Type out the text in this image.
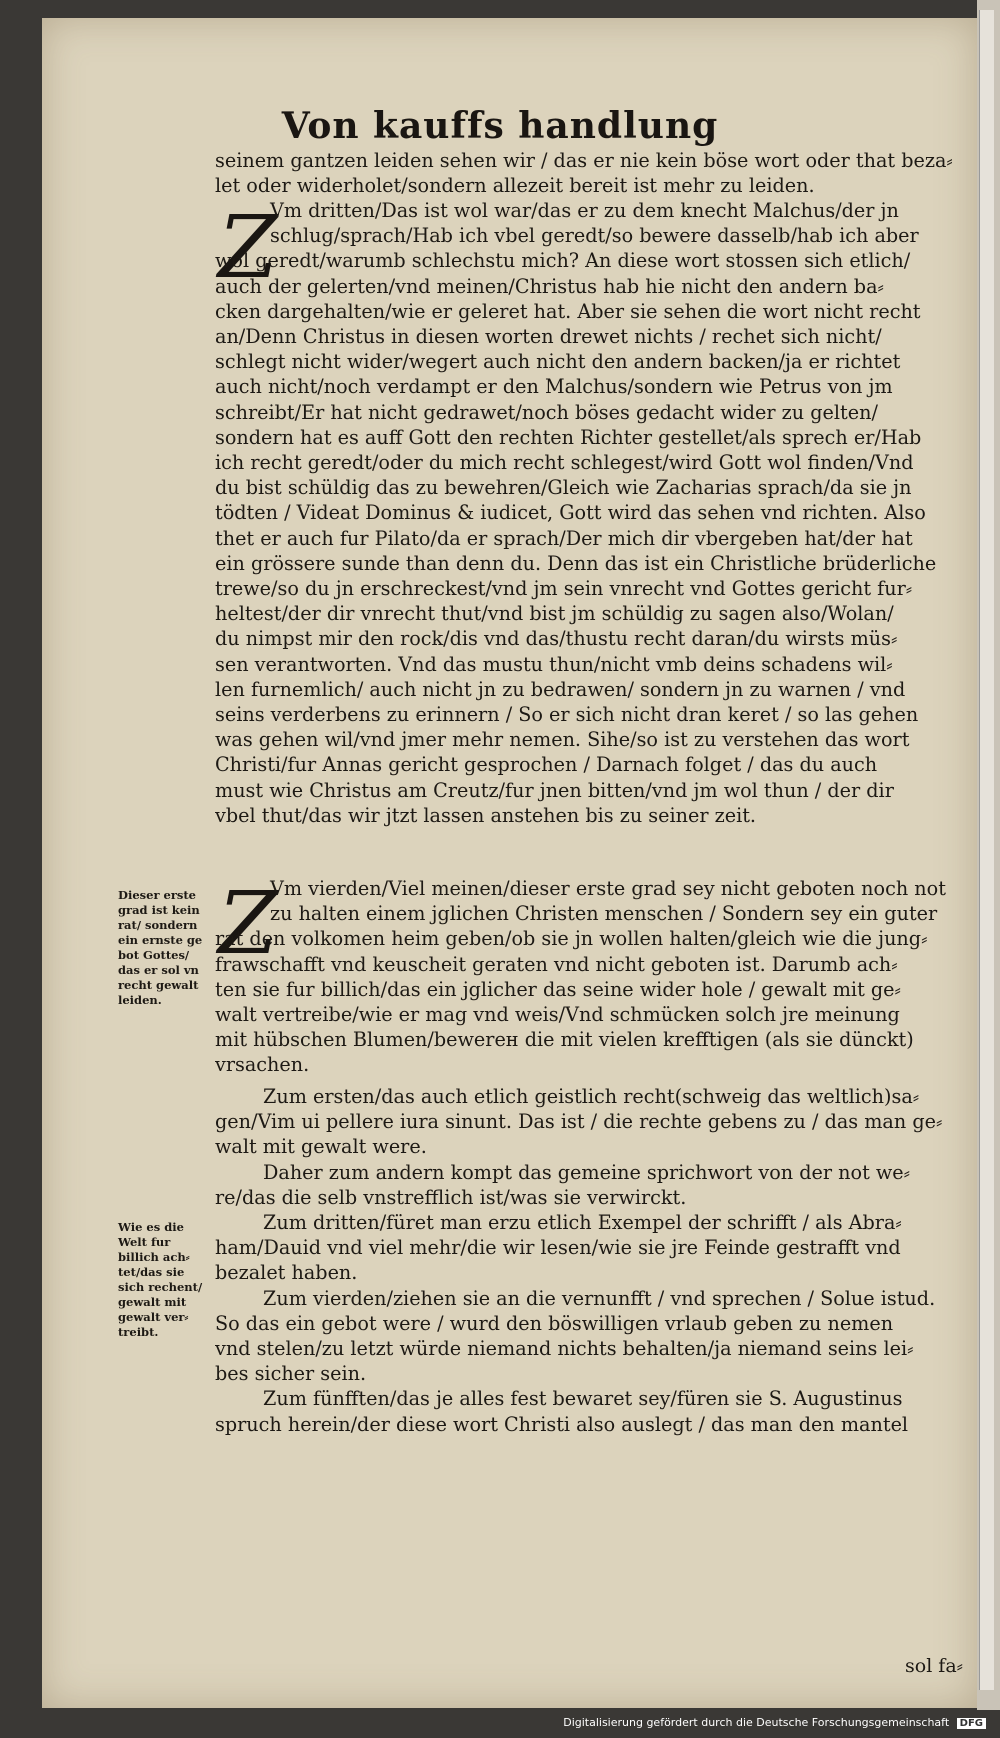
Von kauffs handlung
seinem gantzen leiden sehen wir / das er nie kein böse wort oder that beza⸗
let oder widerholet/sondern allezeit bereit ist mehr zu leiden.
Z
Vm dritten/Das ist wol war/das er zu dem knecht Malchus/der jn
schlug/sprach/Hab ich vbel geredt/so bewere dasselb/hab ich aber
wol geredt/warumb schlechstu mich? An diese wort stossen sich etlich/
auch der gelerten/vnd meinen/Christus hab hie nicht den andern ba⸗
cken dargehalten/wie er geleret hat. Aber sie sehen die wort nicht recht
an/Denn Christus in diesen worten drewet nichts / rechet sich nicht/
schlegt nicht wider/wegert auch nicht den andern backen/ja er richtet
auch nicht/noch verdampt er den Malchus/sondern wie Petrus von jm
schreibt/Er hat nicht gedrawet/noch böses gedacht wider zu gelten/
sondern hat es auff Gott den rechten Richter gestellet/als sprech er/Hab
ich recht geredt/oder du mich recht schlegest/wird Gott wol finden/Vnd
du bist schüldig das zu bewehren/Gleich wie Zacharias sprach/da sie jn
tödten / Videat Dominus & iudicet, Gott wird das sehen vnd richten. Also
thet er auch fur Pilato/da er sprach/Der mich dir vbergeben hat/der hat
ein grössere sunde than denn du. Denn das ist ein Christliche brüderliche
trewe/so du jn erschreckest/vnd jm sein vnrecht vnd Gottes gericht fur⸗
heltest/der dir vnrecht thut/vnd bist jm schüldig zu sagen also/Wolan/
du nimpst mir den rock/dis vnd das/thustu recht daran/du wirsts müs⸗
sen verantworten. Vnd das mustu thun/nicht vmb deins schadens wil⸗
len furnemlich/ auch nicht jn zu bedrawen/ sondern jn zu warnen / vnd
seins verderbens zu erinnern / So er sich nicht dran keret / so las gehen
was gehen wil/vnd jmer mehr nemen. Sihe/so ist zu verstehen das wort
Christi/fur Annas gericht gesprochen / Darnach folget / das du auch
must wie Christus am Creutz/fur jnen bitten/vnd jm wol thun / der dir
vbel thut/das wir jtzt lassen anstehen bis zu seiner zeit.
Dieser erste
grad ist kein
rat/ sondern
ein ernste ge
bot Gottes/
das er sol vn
recht gewalt
leiden.
Z
Vm vierden/Viel meinen/dieser erste grad sey nicht geboten noch not
zu halten einem jglichen Christen menschen / Sondern sey ein guter
rat den volkomen heim geben/ob sie jn wollen halten/gleich wie die jung⸗
frawschafft vnd keuscheit geraten vnd nicht geboten ist. Darumb ach⸗
ten sie fur billich/das ein jglicher das seine wider hole / gewalt mit ge⸗
walt vertreibe/wie er mag vnd weis/Vnd schmücken solch jre meinung
mit hübschen Blumen/bewerен die mit vielen krefftigen (als sie dünckt)
vrsachen.
Zum ersten/das auch etlich geistlich recht(schweig das weltlich)sa⸗
gen/Vim ui pellere iura sinunt. Das ist / die rechte gebens zu / das man ge⸗
walt mit gewalt were.
Daher zum andern kompt das gemeine sprichwort von der not we⸗
re/das die selb vnstrefflich ist/was sie verwirckt.
Zum dritten/füret man erzu etlich Exempel der schrifft / als Abra⸗
ham/Dauid vnd viel mehr/die wir lesen/wie sie jre Feinde gestrafft vnd
bezalet haben.
Zum vierden/ziehen sie an die vernunfft / vnd sprechen / Solue istud.
So das ein gebot were / wurd den böswilligen vrlaub geben zu nemen
vnd stelen/zu letzt würde niemand nichts behalten/ja niemand seins lei⸗
bes sicher sein.
Zum fünfften/das je alles fest bewaret sey/füren sie S. Augustinus
spruch herein/der diese wort Christi also auslegt / das man den mantel
Wie es die
Welt fur
billich ach⸗
tet/das sie
sich rechent/
gewalt mit
gewalt ver⸗
treibt.
sol fa⸗
Digitalisierung gefördert durch die Deutsche Forschungsgemeinschaft DFG
